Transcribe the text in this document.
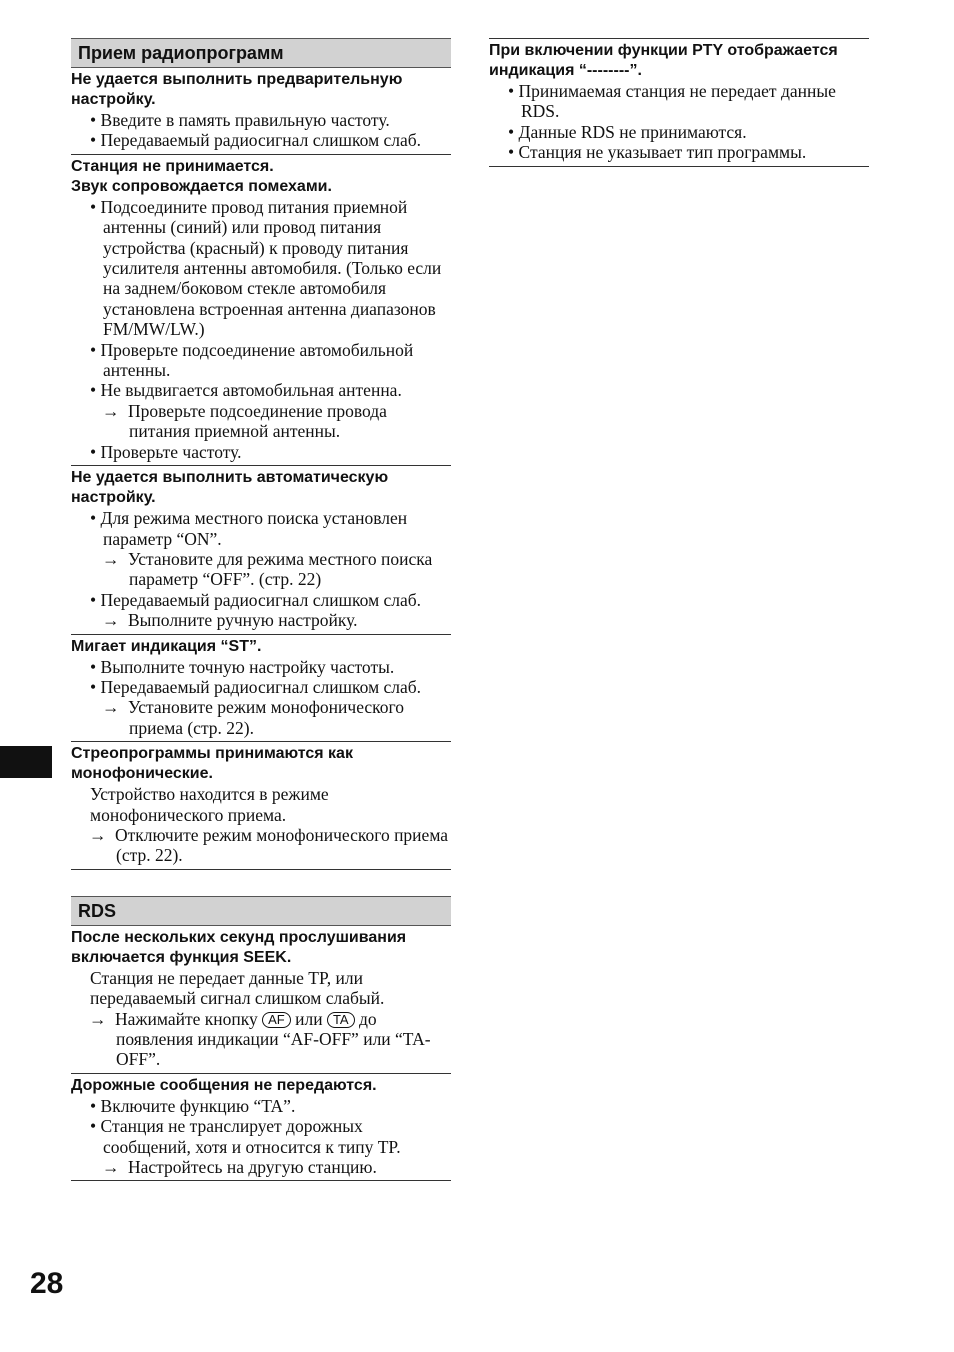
Прием радиопрограмм
Не удается выполнить предварительную настройку.
• Введите в память правильную частоту.
• Передаваемый радиосигнал слишком слаб.
Станция не принимается.
Звук сопровождается помехами.
• Подсоедините провод питания приемной антенны (синий) или провод питания устройства (красный) к проводу питания усилителя антенны автомобиля. (Только если на заднем/боковом стекле автомобиля установлена встроенная антенна диапазонов FM/MW/LW.)
• Проверьте подсоединение автомобильной антенны.
• Не выдвигается автомобильная антенна.
→ Проверьте подсоединение провода питания приемной антенны.
• Проверьте частоту.
Не удается выполнить автоматическую настройку.
• Для режима местного поиска установлен параметр “ON”.
→ Установите для режима местного поиска параметр “OFF”. (стр. 22)
• Передаваемый радиосигнал слишком слаб.
→ Выполните ручную настройку.
Мигает индикация “ST”.
• Выполните точную настройку частоты.
• Передаваемый радиосигнал слишком слаб.
→ Установите режим монофонического приема (стр. 22).
Стреопрограммы принимаются как монофонические.
Устройство находится в режиме монофонического приема.
→ Отключите режим монофонического приема (стр. 22).
RDS
После нескольких секунд прослушивания включается функция SEEK.
Станция не передает данные TP, или передаваемый сигнал слишком слабый.
→ Нажимайте кнопку AF или TA до появления индикации “AF-OFF” или “TA-OFF”.
Дорожные сообщения не передаются.
• Включите функцию “TA”.
• Станция не транслирует дорожных сообщений, хотя и относится к типу TP.
→ Настройтесь на другую станцию.
При включении функции PTY отображается индикация “--------”.
• Принимаемая станция не передает данные RDS.
• Данные RDS не принимаются.
• Станция не указывает тип программы.
28
